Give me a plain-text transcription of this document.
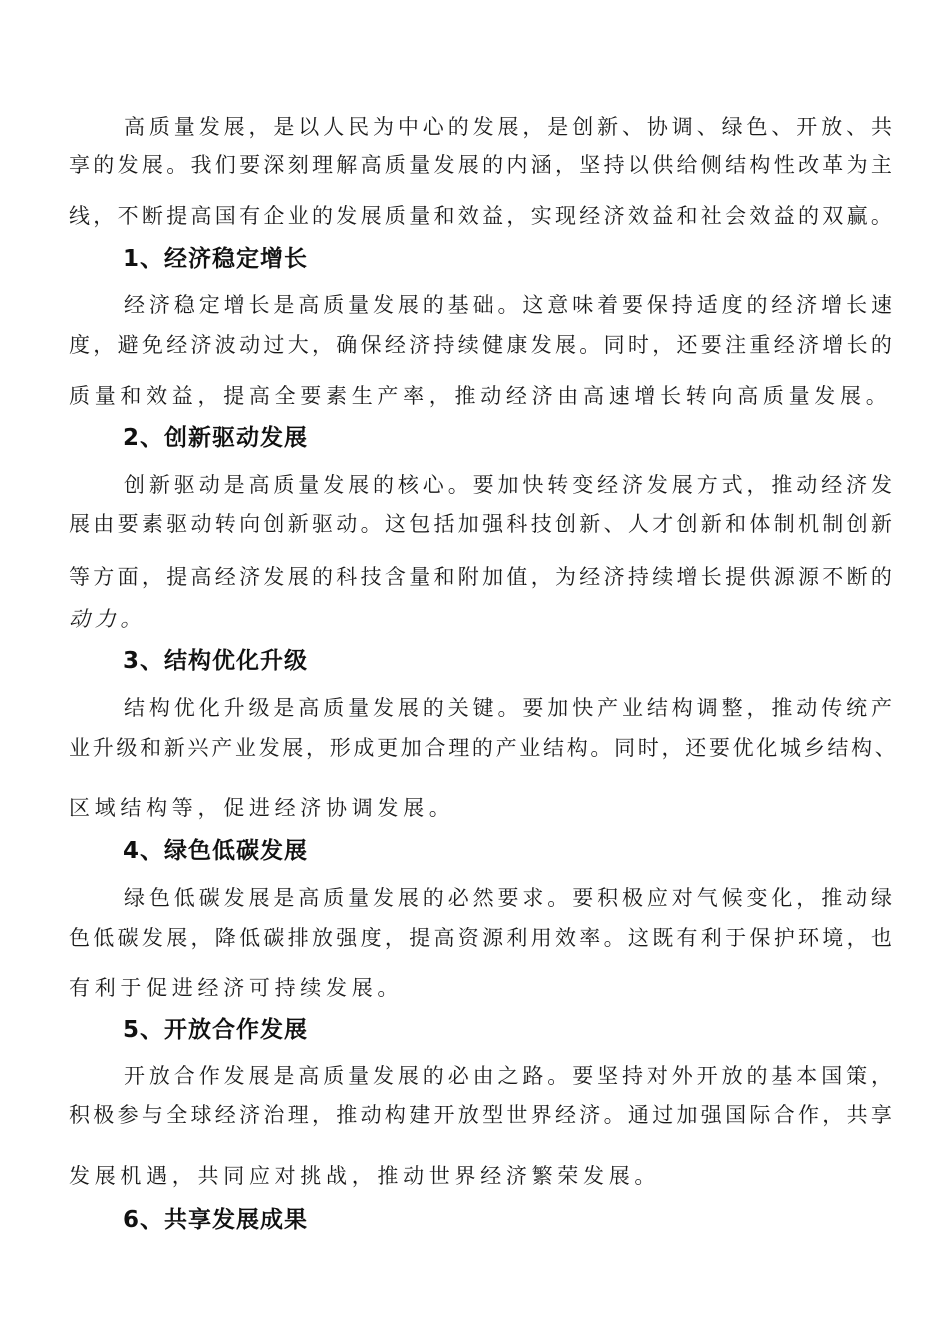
高质量发展，是以人民为中心的发展，是创新、协调、绿色、开放、共
享的发展。我们要深刻理解高质量发展的内涵，坚持以供给侧结构性改革为主
线，不断提高国有企业的发展质量和效益，实现经济效益和社会效益的双赢。
1、经济稳定增长
经济稳定增长是高质量发展的基础。这意味着要保持适度的经济增长速
度，避免经济波动过大，确保经济持续健康发展。同时，还要注重经济增长的
质量和效益，提高全要素生产率，推动经济由高速增长转向高质量发展。
2、创新驱动发展
创新驱动是高质量发展的核心。要加快转变经济发展方式，推动经济发
展由要素驱动转向创新驱动。这包括加强科技创新、人才创新和体制机制创新
等方面，提高经济发展的科技含量和附加值，为经济持续增长提供源源不断的
动力。
3、结构优化升级
结构优化升级是高质量发展的关键。要加快产业结构调整，推动传统产
业升级和新兴产业发展，形成更加合理的产业结构。同时，还要优化城乡结构、
区域结构等，促进经济协调发展。
4、绿色低碳发展
绿色低碳发展是高质量发展的必然要求。要积极应对气候变化，推动绿
色低碳发展，降低碳排放强度，提高资源利用效率。这既有利于保护环境，也
有利于促进经济可持续发展。
5、开放合作发展
开放合作发展是高质量发展的必由之路。要坚持对外开放的基本国策，
积极参与全球经济治理，推动构建开放型世界经济。通过加强国际合作，共享
发展机遇，共同应对挑战，推动世界经济繁荣发展。
6、共享发展成果
